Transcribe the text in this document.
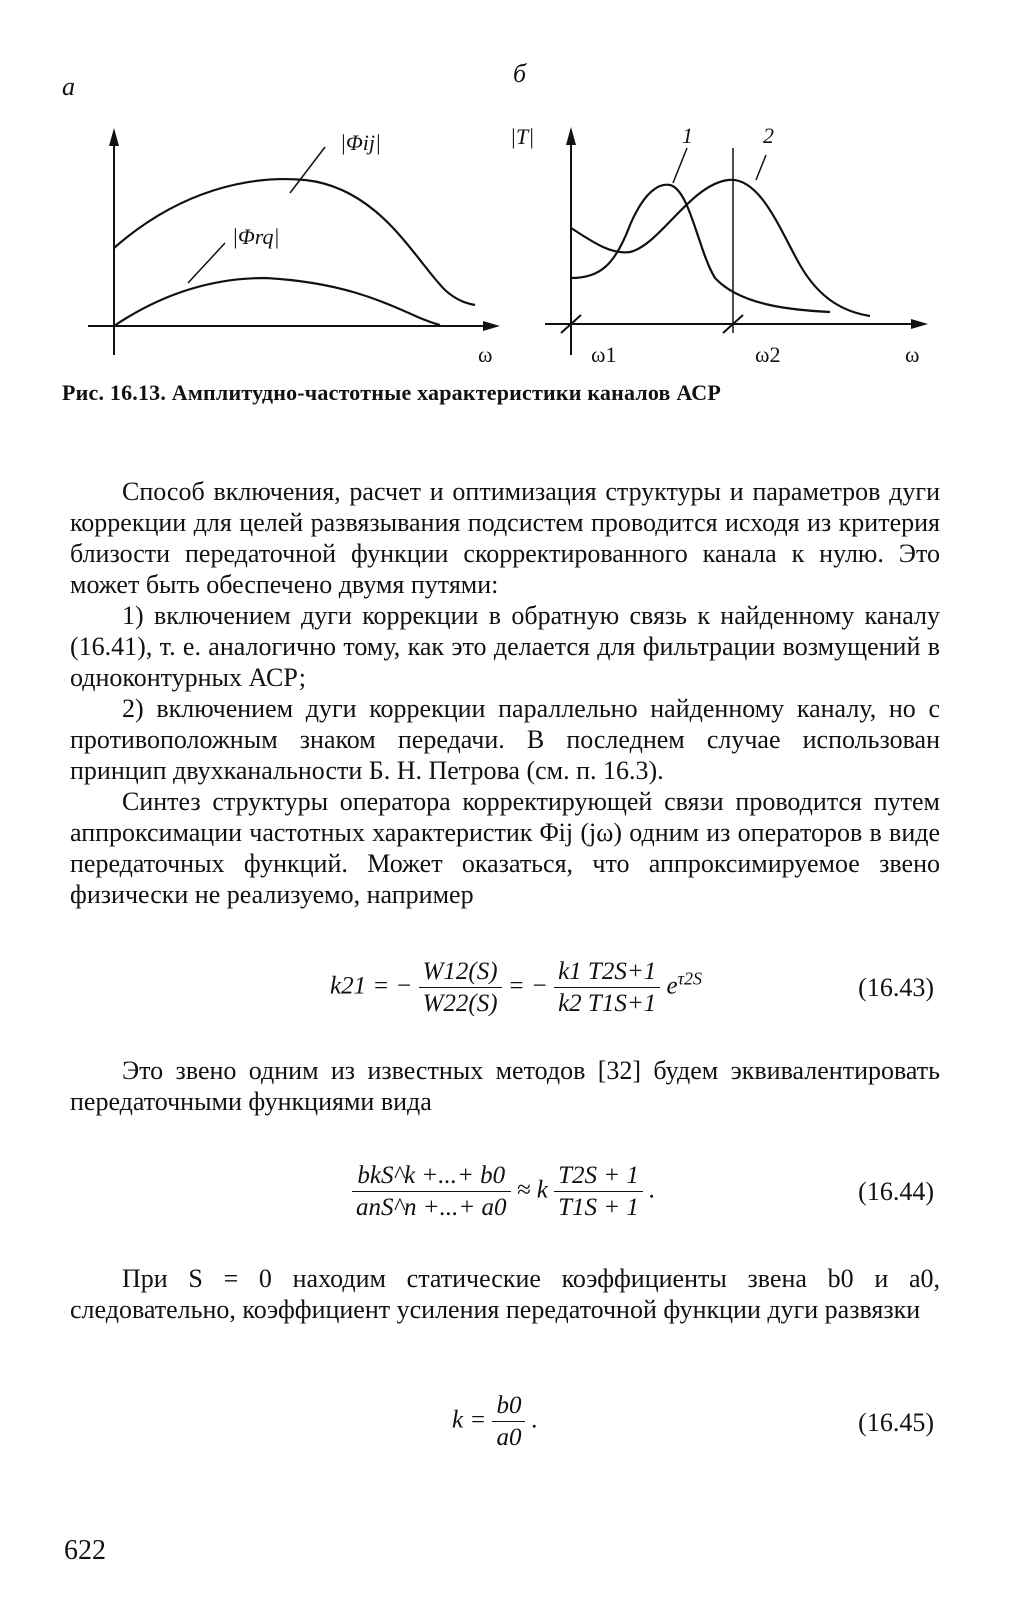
а	б
|Φij|
|Φrq|
ω
|T|	1	2
ω1	ω2	ω
Рис. 16.13. Амплитудно-частотные характеристики каналов АСР

Способ включения, расчет и оптимизация структуры и параметров дуги коррекции для целей развязывания подсистем проводится исходя из критерия близости передаточной функции скорректированного канала к нулю. Это может быть обеспечено двумя путями:

1) включением дуги коррекции в обратную связь к найденному каналу (16.41), т. е. аналогично тому, как это делается для фильтрации возмущений в одноконтурных АСР;

2) включением дуги коррекции параллельно найденному каналу, но с противоположным знаком передачи. В последнем случае использован принцип двухканальности Б. Н. Петрова (см. п. 16.3).

Синтез структуры оператора корректирующей связи проводится путем аппроксимации частотных характеристик Φij (jω) одним из операторов в виде передаточных функций. Может оказаться, что аппроксимируемое звено физически не реализуемо, например

k21 = − $\frac{W12(S)}{W22(S)}$ = − $\frac{k1 T2S+1}{k2 T1S+1} e^{\tau 2S}$	(16.43)

Это звено одним из известных методов [32] будем эквивалентировать передаточными функциями вида

$\frac{\text{bkS\textasciicircum{}k +...+ b0}}{\text{anS\textasciicircum{}n +...+ a0}} \approx k \frac{T2S + 1}{T1S + 1}$ .	(16.44)

При S = 0 находим статические коэффициенты звена b0 и a0, следовательно, коэффициент усиления передаточной функции дуги развязки

$k = \frac{b0}{a0}$ .	(16.45)
622
